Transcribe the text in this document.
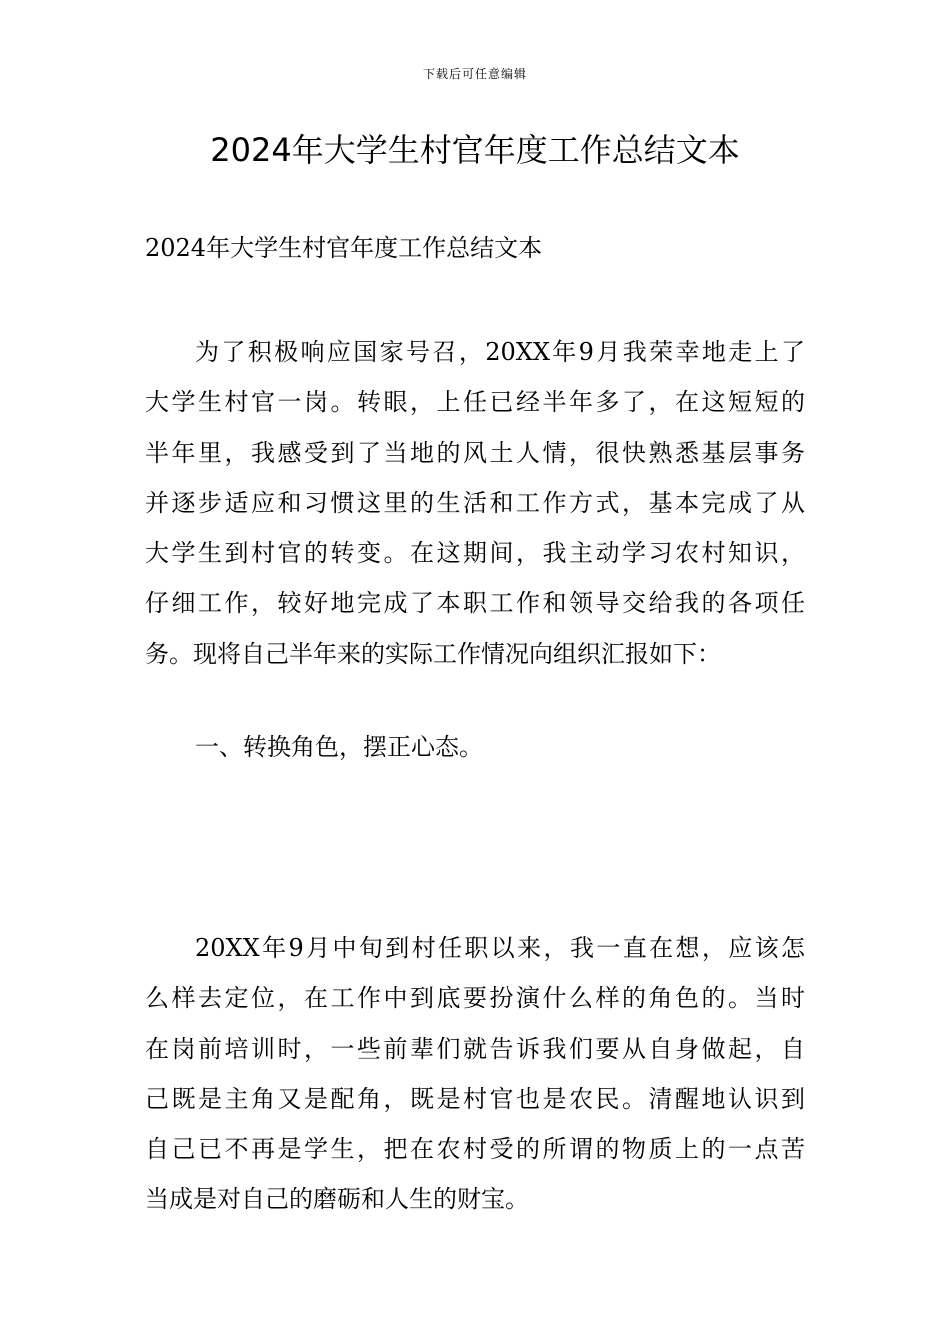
下载后可任意编辑
2024年大学生村官年度工作总结文本
2024年大学生村官年度工作总结文本
为了积极响应国家号召，20XX年9月我荣幸地走上了
大学生村官一岗。转眼，上任已经半年多了，在这短短的
半年里，我感受到了当地的风土人情，很快熟悉基层事务
并逐步适应和习惯这里的生活和工作方式，基本完成了从
大学生到村官的转变。在这期间，我主动学习农村知识，
仔细工作，较好地完成了本职工作和领导交给我的各项任
务。现将自己半年来的实际工作情况向组织汇报如下：
一、转换角色，摆正心态。
20XX年9月中旬到村任职以来，我一直在想，应该怎
么样去定位，在工作中到底要扮演什么样的角色的。当时
在岗前培训时，一些前辈们就告诉我们要从自身做起，自
己既是主角又是配角，既是村官也是农民。清醒地认识到
自己已不再是学生，把在农村受的所谓的物质上的一点苦
当成是对自己的磨砺和人生的财宝。
